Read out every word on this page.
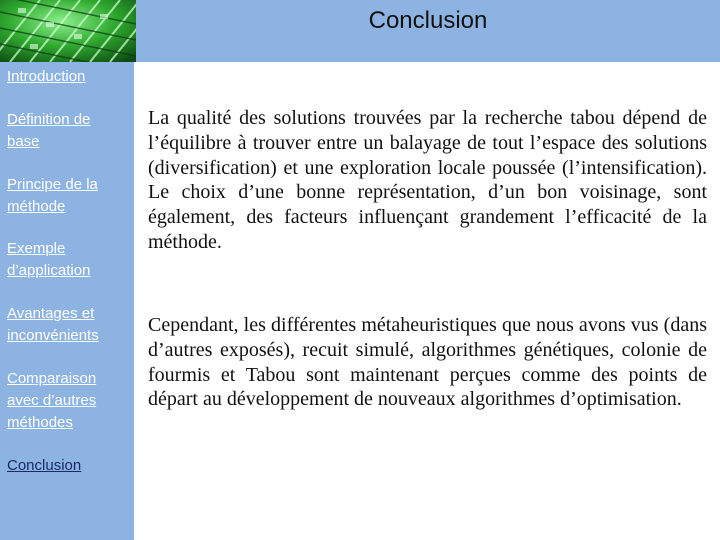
Conclusion
Introduction
Définition de base
Principe de la méthode
Exemple d’application
Avantages et inconvénients
Comparaison avec d’autres méthodes
Conclusion

La qualité des solutions trouvées par la recherche tabou dépend de l’équilibre à trouver entre un balayage de tout l’espace des solutions (diversification) et une exploration locale poussée (l’intensification). Le choix d’une bonne représentation, d’un bon voisinage, sont également, des facteurs influençant grandement l’efficacité de la méthode.

Cependant, les différentes métaheuristiques que nous avons vus (dans d’autres exposés), recuit simulé, algorithmes génétiques, colonie de fourmis et Tabou sont maintenant perçues comme des points de départ au développement de nouveaux algorithmes d’optimisation.
